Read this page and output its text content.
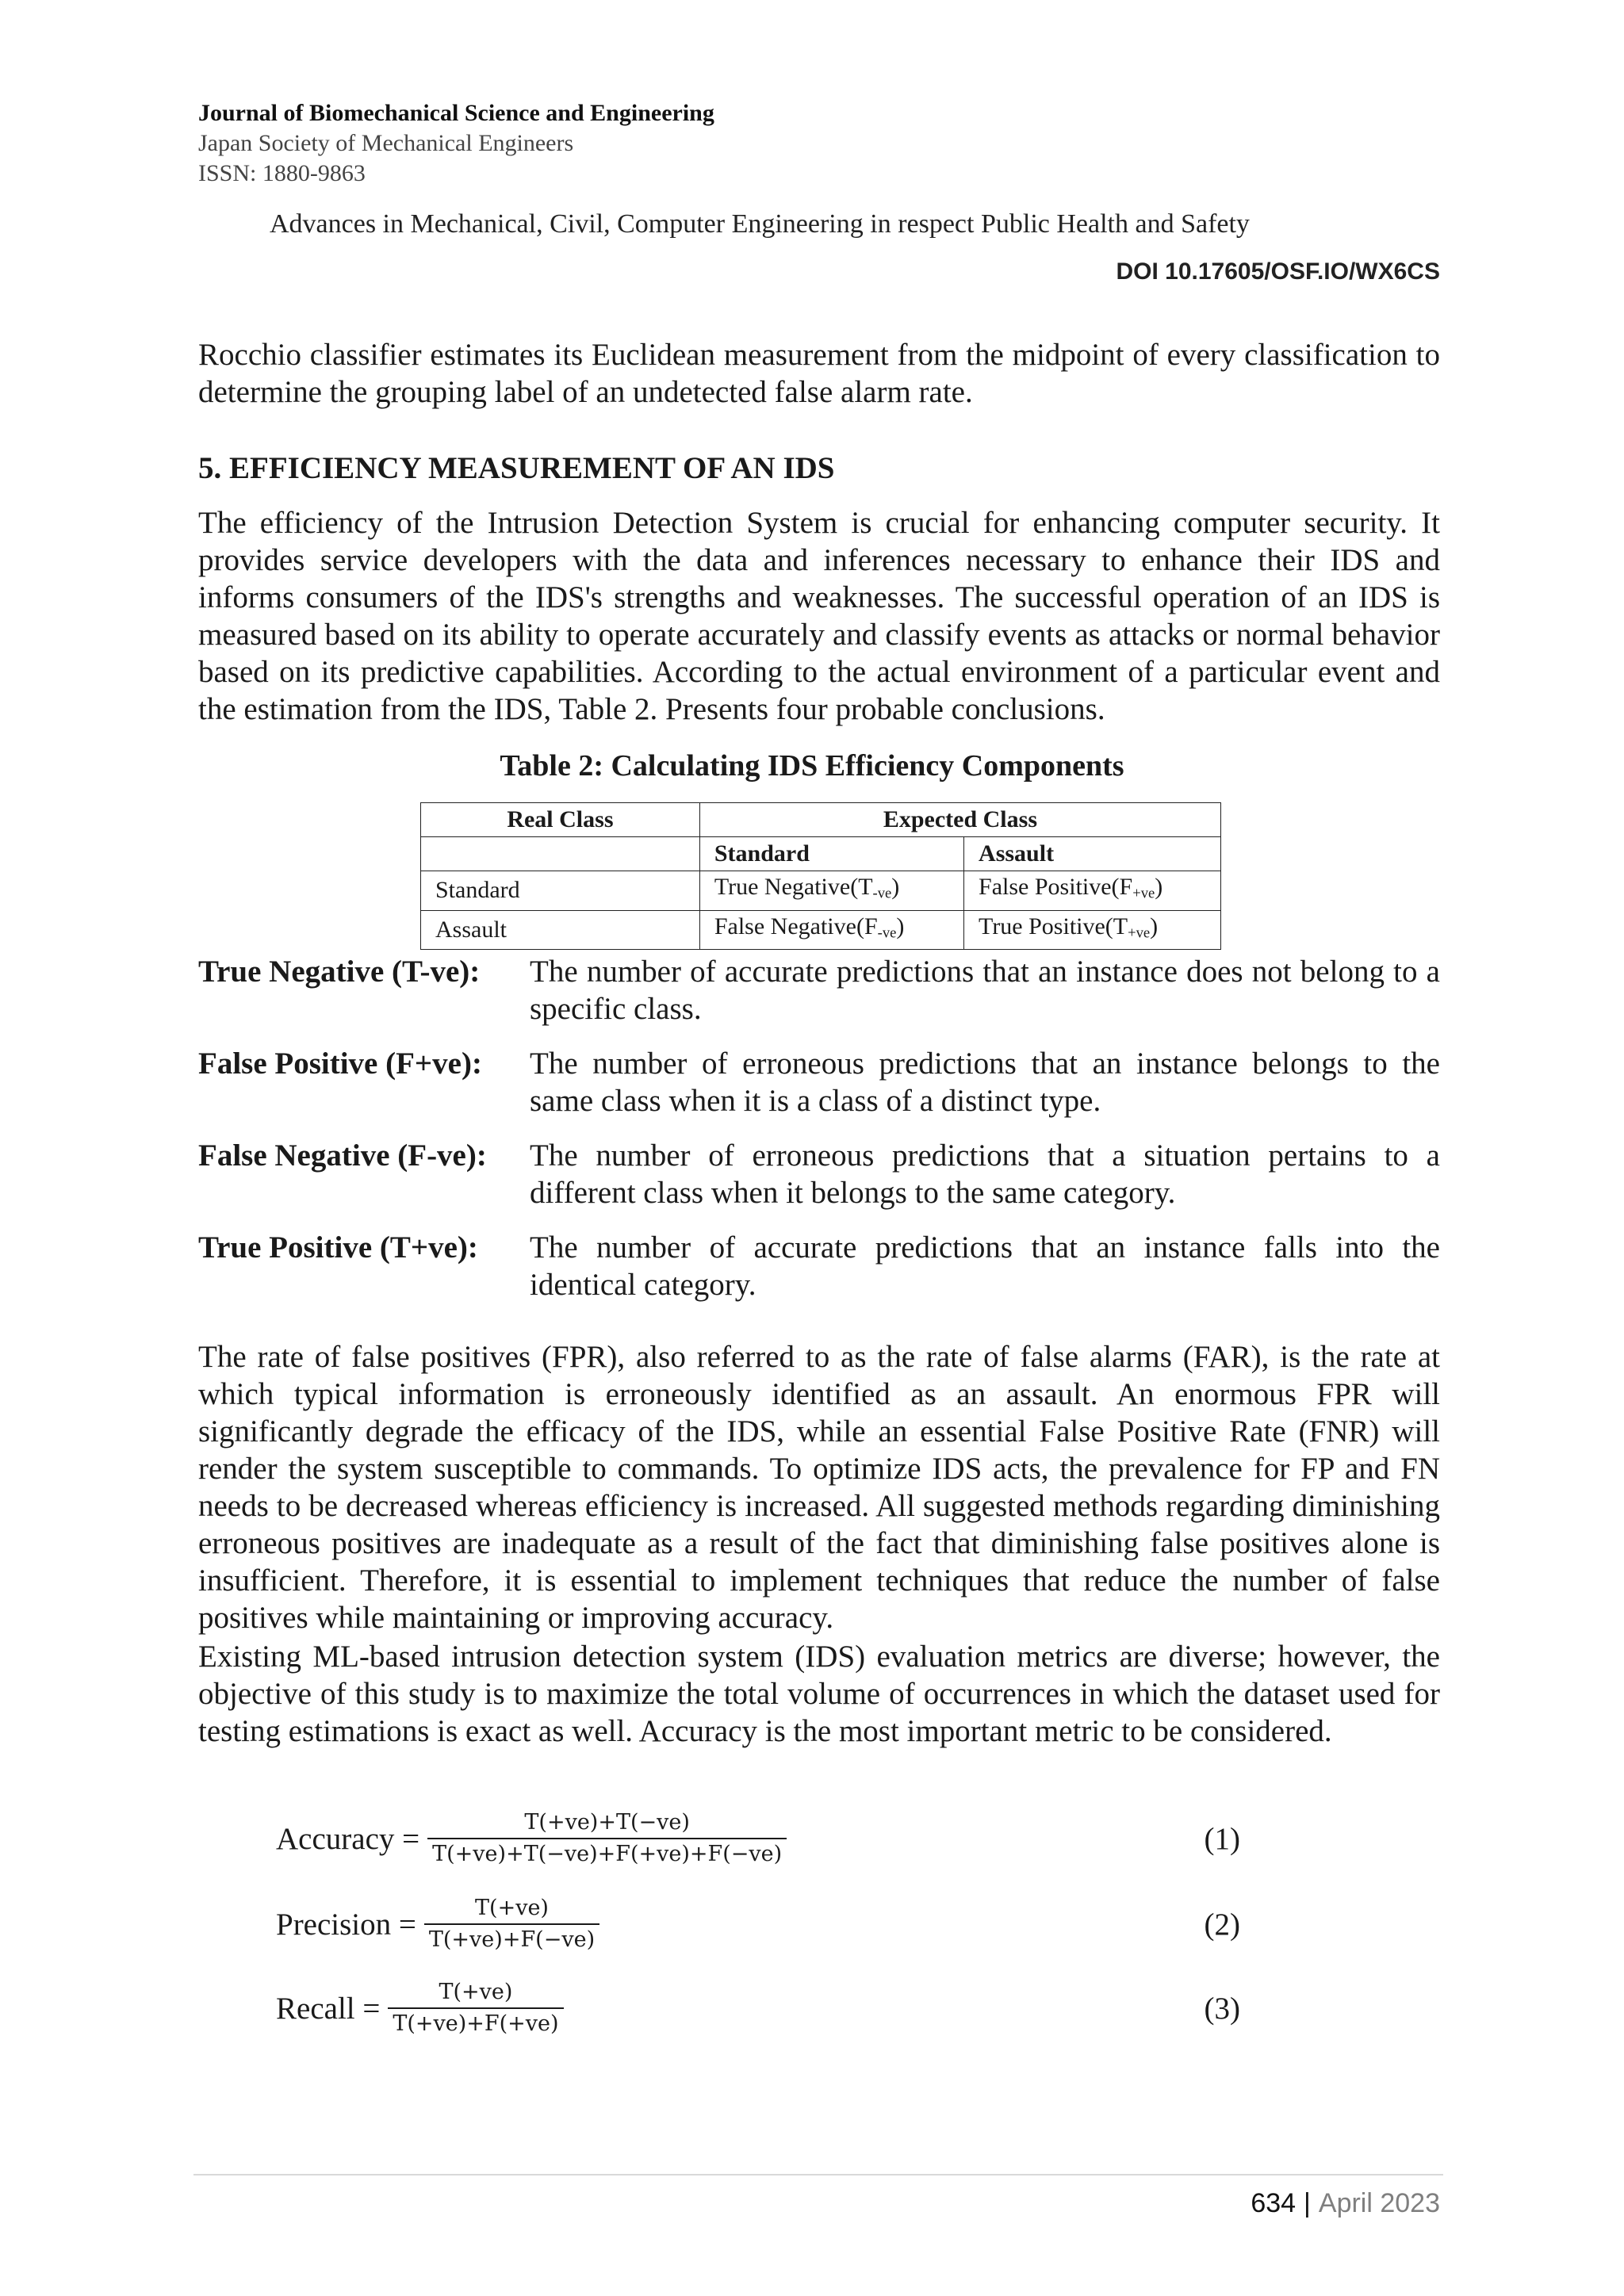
Journal of Biomechanical Science and Engineering
Japan Society of Mechanical Engineers
ISSN: 1880-9863
Advances in Mechanical, Civil, Computer Engineering in respect Public Health and Safety
DOI 10.17605/OSF.IO/WX6CS
Rocchio classifier estimates its Euclidean measurement from the midpoint of every classification to determine the grouping label of an undetected false alarm rate.
5. EFFICIENCY MEASUREMENT OF AN IDS
The efficiency of the Intrusion Detection System is crucial for enhancing computer security. It provides service developers with the data and inferences necessary to enhance their IDS and informs consumers of the IDS's strengths and weaknesses. The successful operation of an IDS is measured based on its ability to operate accurately and classify events as attacks or normal behavior based on its predictive capabilities. According to the actual environment of a particular event and the estimation from the IDS, Table 2. Presents four probable conclusions.
Table 2: Calculating IDS Efficiency Components
Real Class	Expected Class	
	Standard	Assault
Standard	True $Negative(T_{-ve})$	False $Positive(F_{+ve})$
Assault	False $Negative(F_{-ve})$	True $Positive(T_{+ve})$
True Negative (T-ve):	The number of accurate predictions that an instance does not belong to a specific class.
False Positive (F+ve):	The number of erroneous predictions that an instance belongs to the same class when it is a class of a distinct type.
False Negative (F-ve):	The number of erroneous predictions that a situation pertains to a different class when it belongs to the same category.
True Positive (T+ve):	The number of accurate predictions that an instance falls into the identical category.
The rate of false positives (FPR), also referred to as the rate of false alarms (FAR), is the rate at which typical information is erroneously identified as an assault. An enormous FPR will significantly degrade the efficacy of the IDS, while an essential False Positive Rate (FNR) will render the system susceptible to commands. To optimize IDS acts, the prevalence for FP and FN needs to be decreased whereas efficiency is increased. All suggested methods regarding diminishing erroneous positives are inadequate as a result of the fact that diminishing false positives alone is insufficient. Therefore, it is essential to implement techniques that reduce the number of false positives while maintaining or improving accuracy.
Existing ML-based intrusion detection system (IDS) evaluation metrics are diverse; however, the objective of this study is to maximize the total volume of occurrences in which the dataset used for testing estimations is exact as well. Accuracy is the most important metric to be considered.
Accuracy = $\frac{T(+ve)+T(-ve)}{T(+ve)+T(-ve)+F(+ve)+F(-ve)}$	(1)
Precision = $\frac{T(+ve)}{T(+ve)+F(-ve)}$	(2)
Recall = $\frac{T(+ve)}{T(+ve)+F(+ve)}$	(3)
634 | April 2023
